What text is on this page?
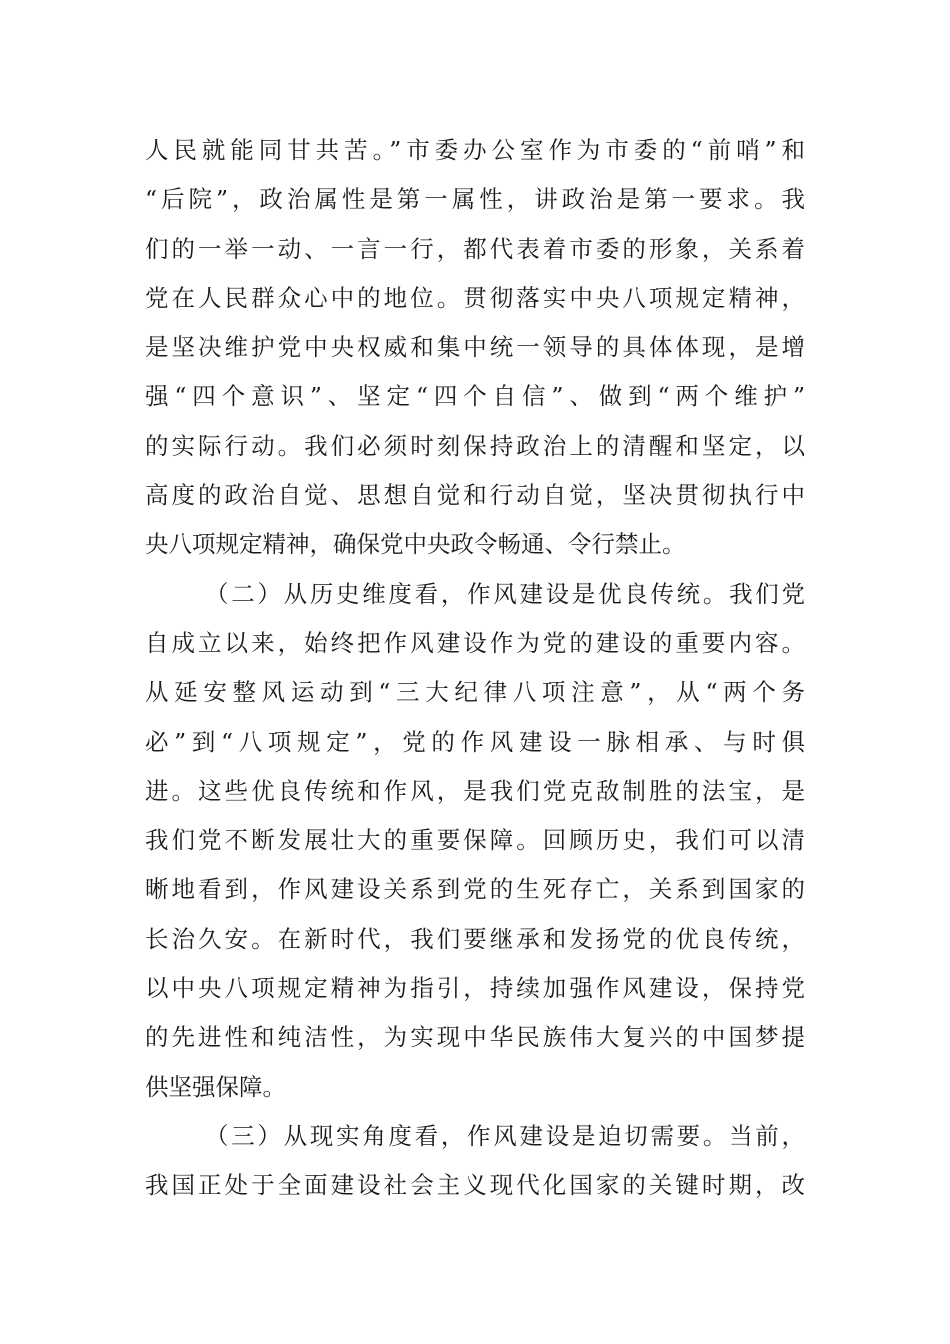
人民就能同甘共苦。”市委办公室作为市委的“前哨”和
“后院”，政治属性是第一属性，讲政治是第一要求。我
们的一举一动、一言一行，都代表着市委的形象，关系着
党在人民群众心中的地位。贯彻落实中央八项规定精神，
是坚决维护党中央权威和集中统一领导的具体体现，是增
强“四个意识”、坚定“四个自信”、做到“两个维护”
的实际行动。我们必须时刻保持政治上的清醒和坚定，以
高度的政治自觉、思想自觉和行动自觉，坚决贯彻执行中
央八项规定精神，确保党中央政令畅通、令行禁止。
（二）从历史维度看，作风建设是优良传统。我们党
自成立以来，始终把作风建设作为党的建设的重要内容。
从延安整风运动到“三大纪律八项注意”，从“两个务
必”到“八项规定”，党的作风建设一脉相承、与时俱
进。这些优良传统和作风，是我们党克敌制胜的法宝，是
我们党不断发展壮大的重要保障。回顾历史，我们可以清
晰地看到，作风建设关系到党的生死存亡，关系到国家的
长治久安。在新时代，我们要继承和发扬党的优良传统，
以中央八项规定精神为指引，持续加强作风建设，保持党
的先进性和纯洁性，为实现中华民族伟大复兴的中国梦提
供坚强保障。
（三）从现实角度看，作风建设是迫切需要。当前，
我国正处于全面建设社会主义现代化国家的关键时期，改
